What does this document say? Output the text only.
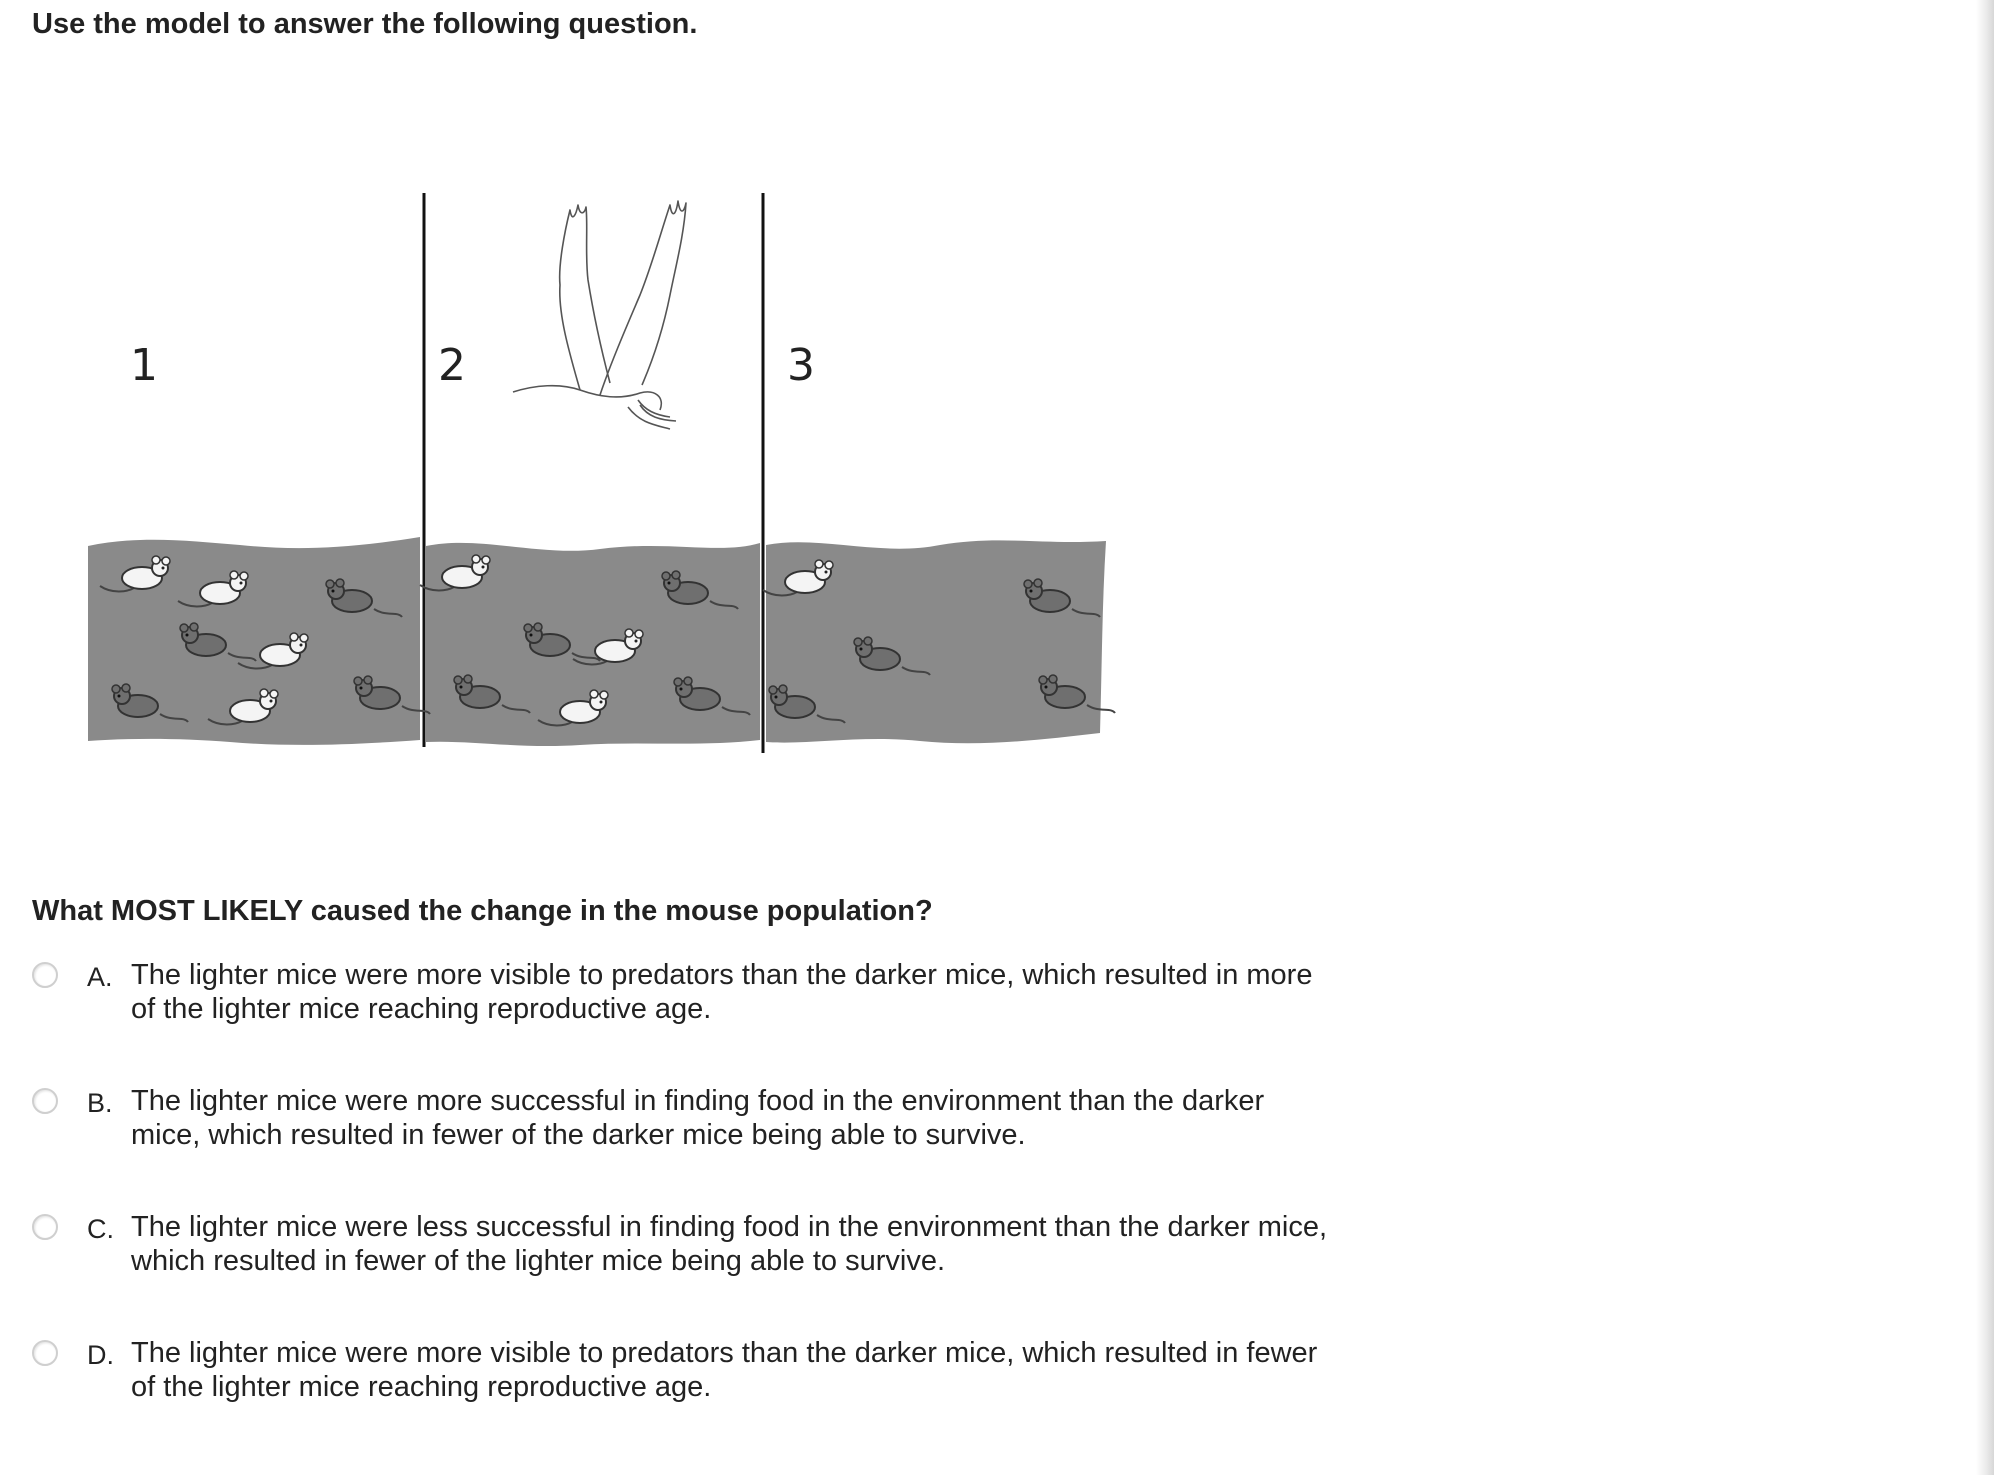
Use the model to answer the following question.
1	2	3
What MOST LIKELY caused the change in the mouse population?
A. The lighter mice were more visible to predators than the darker mice, which resulted in more of the lighter mice reaching reproductive age.
B. The lighter mice were more successful in finding food in the environment than the darker mice, which resulted in fewer of the darker mice being able to survive.
C. The lighter mice were less successful in finding food in the environment than the darker mice, which resulted in fewer of the lighter mice being able to survive.
D. The lighter mice were more visible to predators than the darker mice, which resulted in fewer of the lighter mice reaching reproductive age.
